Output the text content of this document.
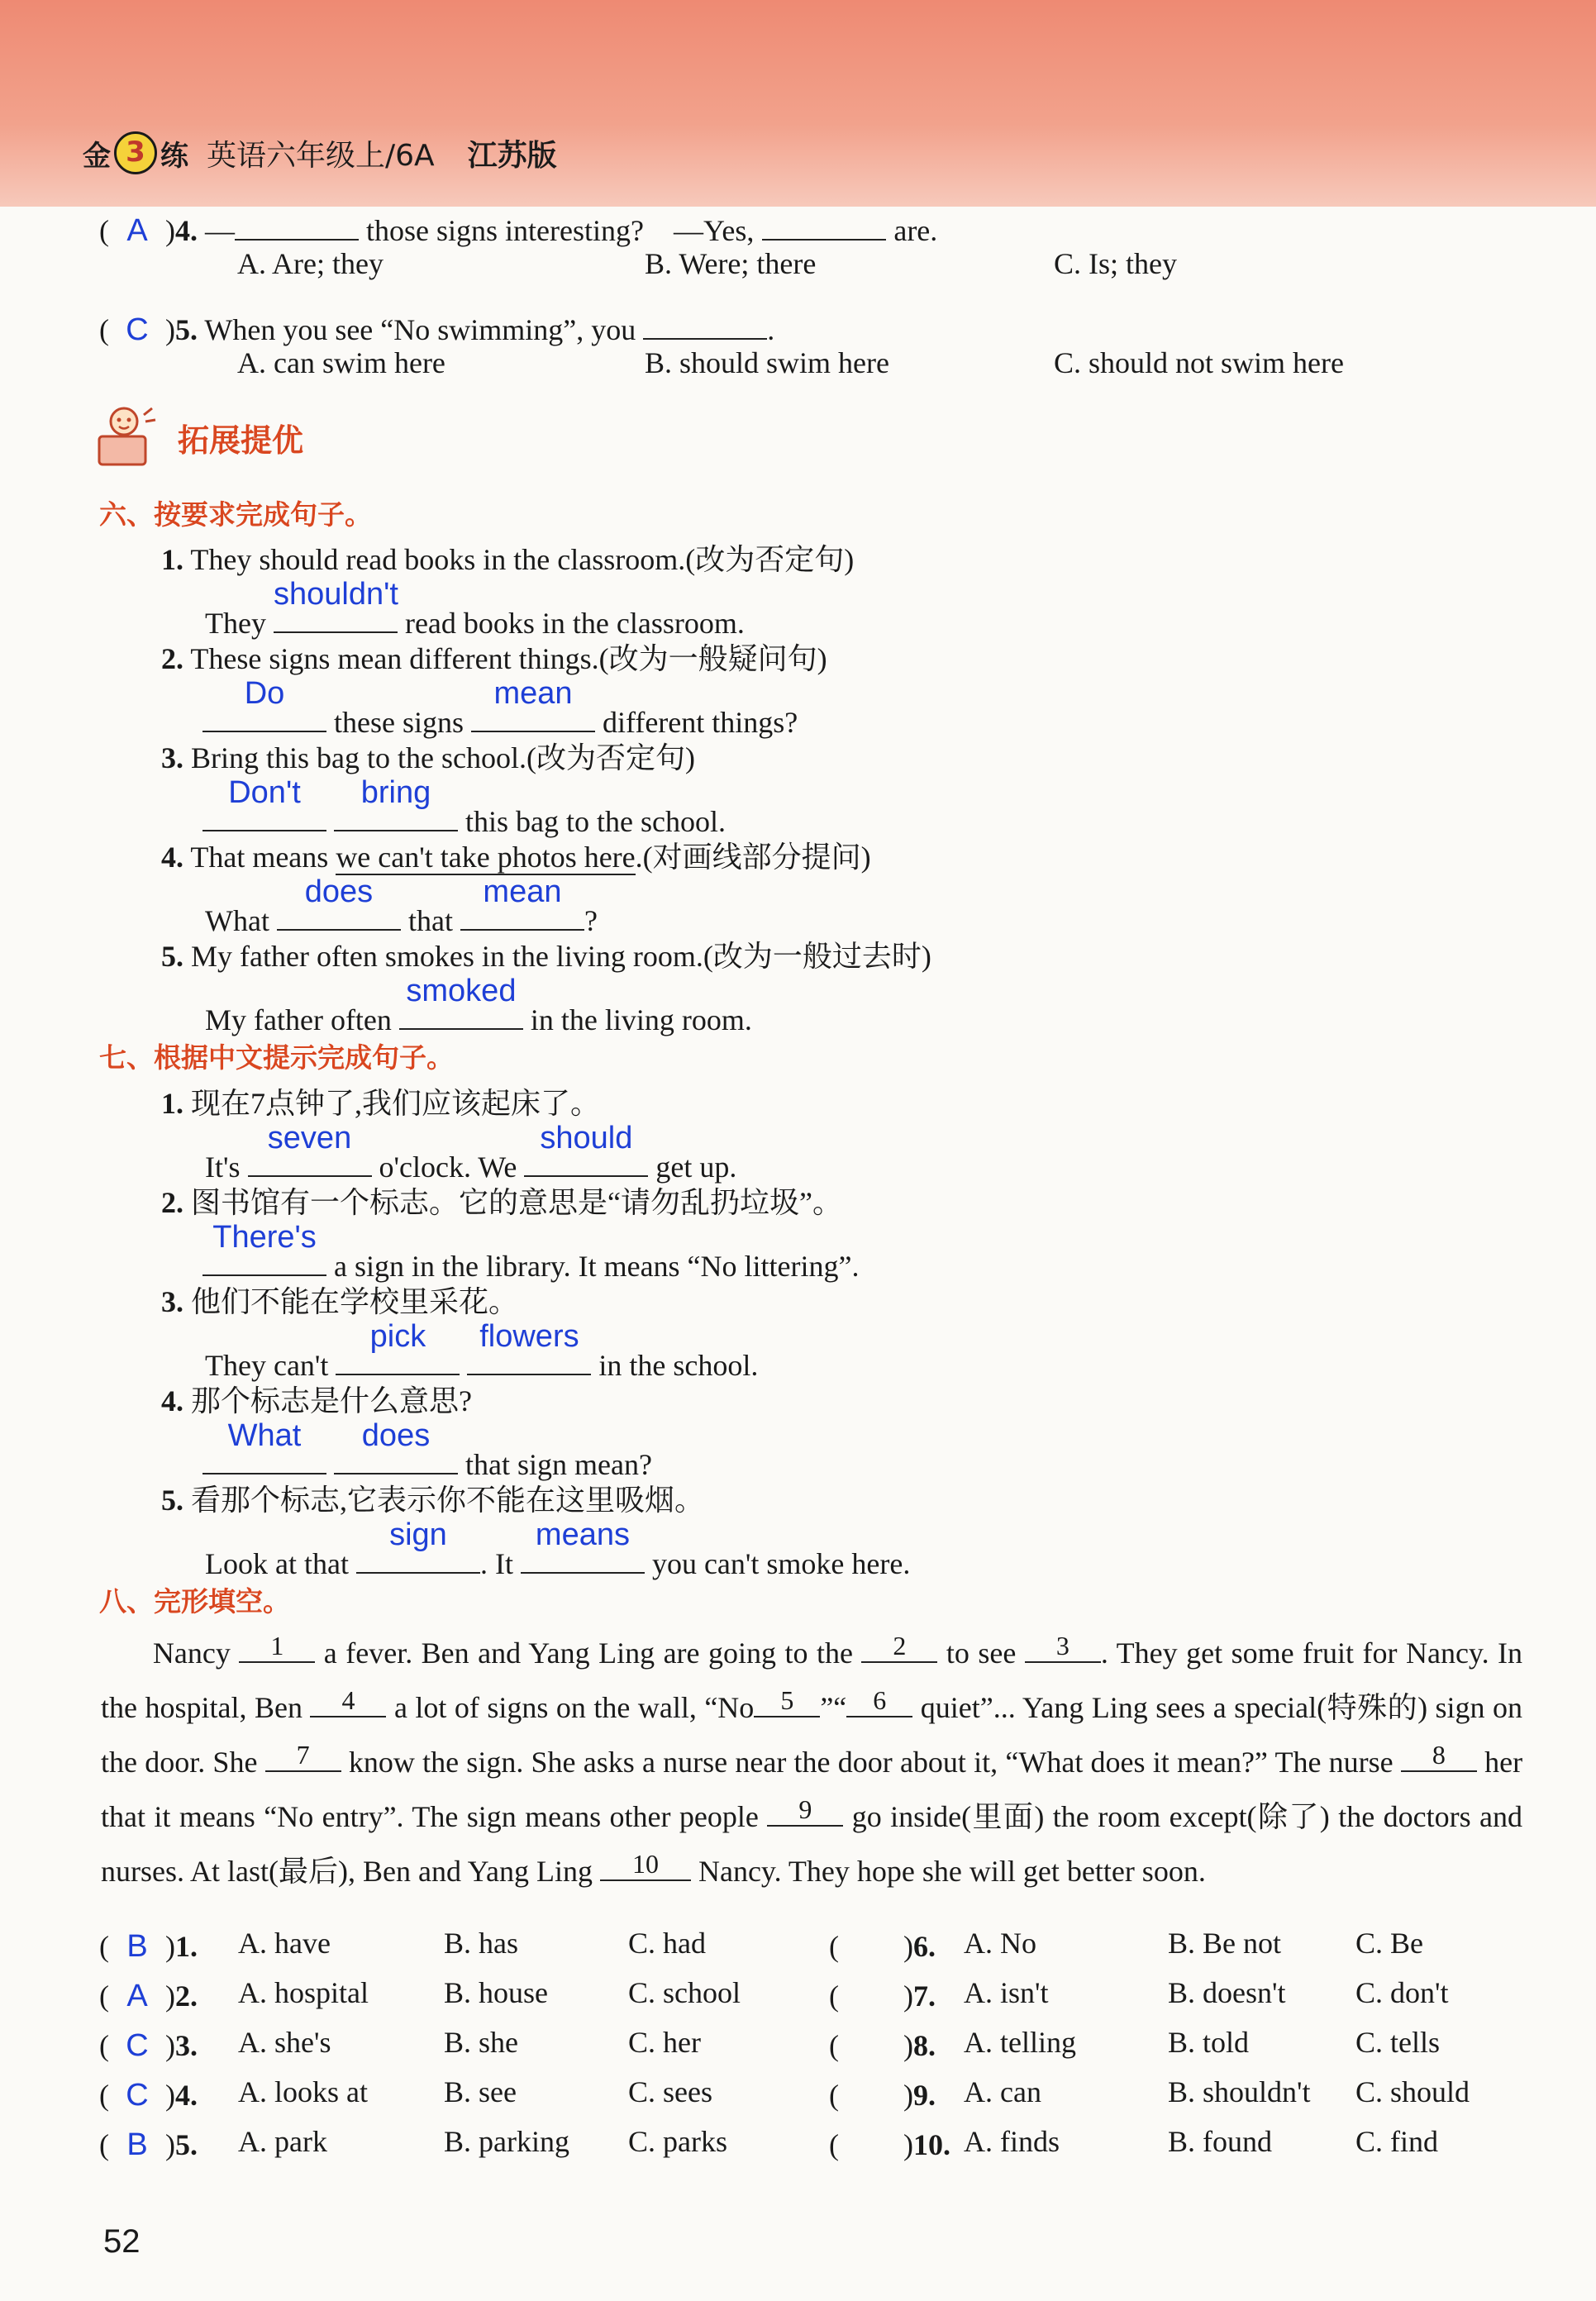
金 3 练 英语六年级上/6A 江苏版
( A )4. —	those signs interesting? —Yes,	are.
A. Are; they	B. Were; there	C. Is; they
( C )5. When you see “No swimming”, you	.
A. can swim here	B. should swim here	C. should not swim here
拓展提优
六、按要求完成句子。
1. They should read books in the classroom.(改为否定句)
They
shouldn't
read books in the classroom.
2. These signs mean different things.(改为一般疑问句)
Do
these signs
mean
different things?
3. Bring this bag to the school.(改为否定句)
Don't
	bring
this bag to the school.
4. That means we can't take photos here.(对画线部分提问)
What
does
that
mean
?
5. My father often smokes in the living room.(改为一般过去时)
My father often
smoked
in the living room.
七、根据中文提示完成句子。
1. 现在7点钟了,我们应该起床了。
It's
seven
o'clock. We
should
get up.
2. 图书馆有一个标志。它的意思是“请勿乱扔垃圾”。
There's
a sign in the library. It means “No littering”.
3. 他们不能在学校里采花。
They can't
pick
	flowers
in the school.
4. 那个标志是什么意思?
What
	does
that sign mean?
5. 看那个标志,它表示你不能在这里吸烟。
Look at that
sign
. It
means
you can't smoke here.
八、完形填空。
Nancy	1	a fever. Ben and Yang Ling are going to the	2	to see	3	. They get some fruit for Nancy. In the hospital, Ben	4	a lot of signs on the wall, “No	5 ”“	6	quiet”... Yang Ling sees a special(特殊的) sign on the door. She	7	know the sign. She asks a nurse near the door about it, “What does it mean?” The nurse	8	her that it means “No entry”. The sign means other people	9	go inside(里面) the room except(除了) the doctors and nurses. At last(最后), Ben and Yang Ling	10	Nancy. They hope she will get better soon.
( B )1. A. have	B. has	C. had
( A )2. A. hospital	B. house	C. school
( C )3. A. she's	B. she	C. her
( C )4. A. looks at	B. see	C. sees
( B )5. A. park	B. parking C. parks
(  )6. A. No	B. Be not C. Be
(  )7. A. isn't	B. doesn't C. don't
(  )8. A. telling	B. told	C. tells
(  )9. A. can	B. shouldn't C. should
(  )10. A. finds	B. found	C. find
52
